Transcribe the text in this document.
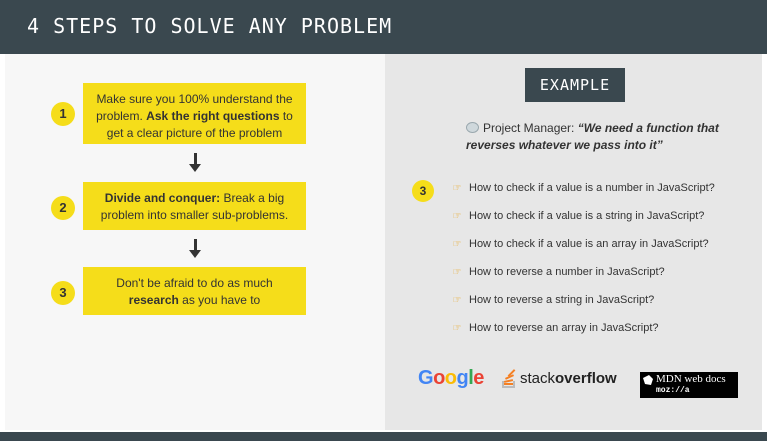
4 STEPS TO SOLVE ANY PROBLEM
1
Make sure you 100% understand the problem. Ask the right questions to get a clear picture of the problem
2
Divide and conquer: Break a big problem into smaller sub-problems.
3
Don't be afraid to do as much research as you have to
EXAMPLE
Project Manager: “We need a function that reverses whatever we pass into it”
3	☞ How to check if a value is a number in JavaScript?
☞ How to check if a value is a string in JavaScript?
☞ How to check if a value is an array in JavaScript?
☞ How to reverse a number in JavaScript?
☞ How to reverse a string in JavaScript?
☞ How to reverse an array in JavaScript?
Google	stackoverflow	MDN web docs
moz://a
